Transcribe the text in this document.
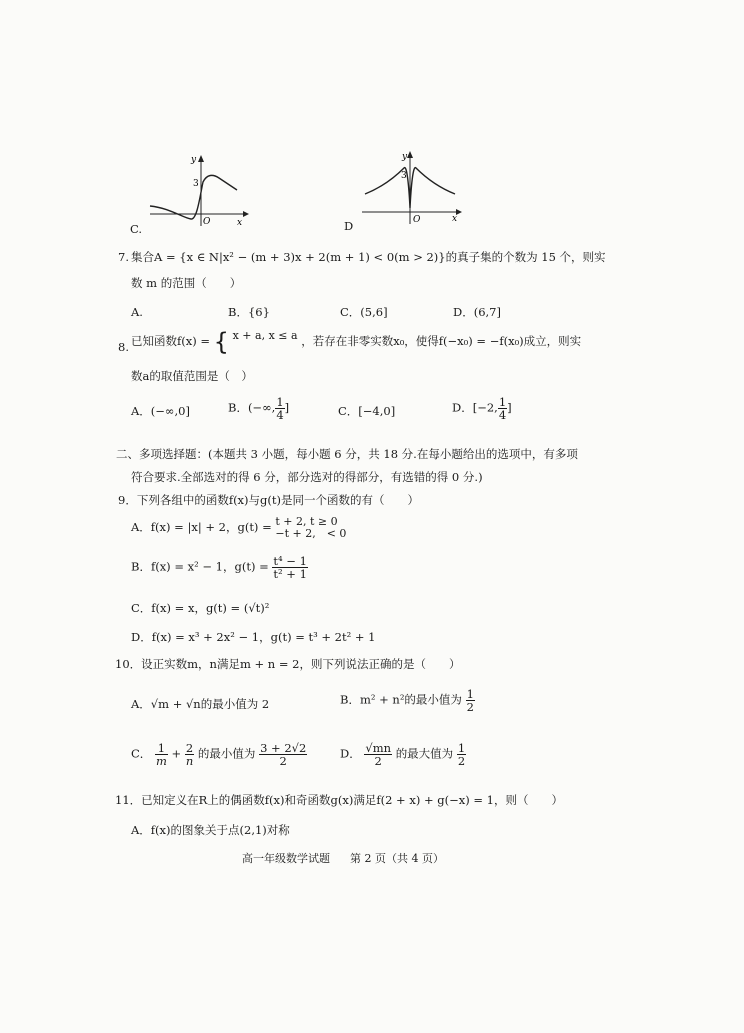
y
3
O	x
C.
y
3
O	x
D
7. 集合A = {x ∈ N|x² − (m + 3)x + 2(m + 1) < 0(m > 2)}的真子集的个数为 15 个，则实
数 m 的范围（　　）
A.	B．{6}	C．(5,6]	D．(6,7]
8. 已知函数f(x) = { x + a, x ≤ a ，若存在非零实数x₀，使得f(−x₀) = −f(x₀)成立，则实
数a的取值范围是（　）
A．(−∞,0]	B．(−∞, $\frac{1}{4}$ ]	C．[−4,0]	D．[−2, $\frac{1}{4}$ ]
二、多项选择题：(本题共 3 小题，每小题 6 分，共 18 分.在每小题给出的选项中，有多项
符合要求.全部选对的得 6 分，部分选对的得部分，有选错的得 0 分.)
9．下列各组中的函数f(x)与g(t)是同一个函数的有（　　）
A．f(x) = |x| + 2，g(t) = t + 2, t ≥ 0
−t + 2,　< 0
B．f(x) = x² − 1，$g(t) = \frac{\text{t⁴ − 1}}{\text{t² + 1}}$
C．f(x) = x，g(t) = (√t)²
D．f(x) = x³ + 2x² − 1，g(t) = t³ + 2t² + 1
10．设正实数m，n满足m + n = 2，则下列说法正确的是（　　）
A．√m + √n的最小值为 2	B．m² + n²的最小值为 $\frac{1}{2}$
C． $\frac{1}{m} + \frac{2}{n}$ 的最小值为 $\frac{3 + 2√2}{2}$	D． $\frac{√mn}{2}$ 的最大值为 $\frac{1}{2}$
11．已知定义在R上的偶函数f(x)和奇函数g(x)满足f(2 + x) + g(−x) = 1，则（　　）
A．f(x)的图象关于点(2,1)对称
高一年级数学试题 第 2 页（共 4 页）
